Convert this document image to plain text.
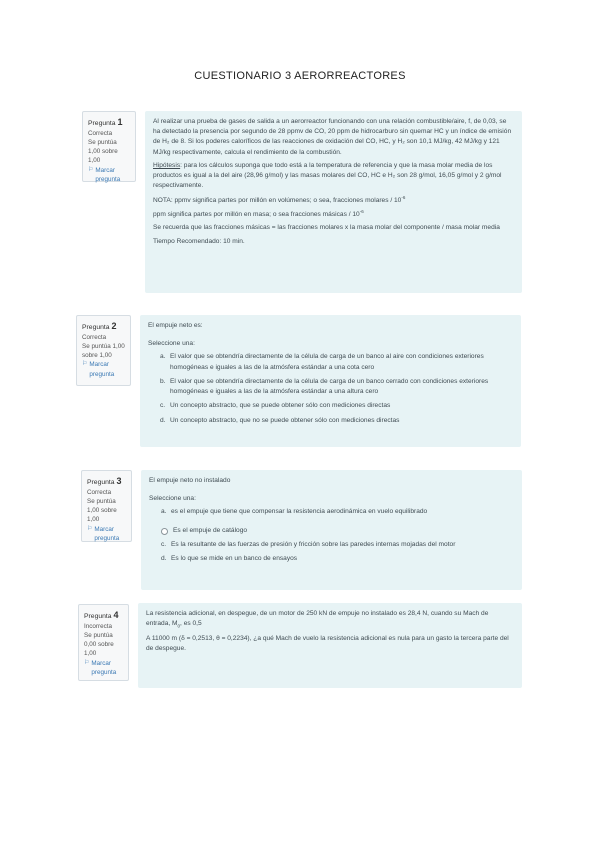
CUESTIONARIO 3 AERORREACTORES
Pregunta 1
Correcta
Se puntúa 1,00 sobre 1,00
⚐ Marcar pregunta

Al realizar una prueba de gases de salida a un aerorreactor funcionando con una relación combustible/aire, f, de 0,03, se ha detectado la presencia por segundo de 28 ppmv de CO, 20 ppm de hidrocarburo sin quemar HC y un índice de emisión de H₂ de 8. Si los poderes caloríficos de las reacciones de oxidación del CO, HC, y H₂ son 10,1 MJ/kg, 42 MJ/kg y 121 MJ/kg respectivamente, calcula el rendimiento de la combustión.

Hipótesis: para los cálculos suponga que todo está a la temperatura de referencia y que la masa molar media de los productos es igual a la del aire (28,96 g/mol) y las masas molares del CO, HC e H₂ son 28 g/mol, 16,05 g/mol y 2 g/mol respectivamente.

NOTA: ppmv significa partes por millón en volúmenes; o sea, fracciones molares / $10^{-6}$

ppm significa partes por millón en masa; o sea fracciones másicas / $10^{-6}$

Se recuerda que las fracciones másicas = las fracciones molares x la masa molar del componente / masa molar media

Tiempo Recomendado: 10 min.

Pregunta 2
Correcta
Se puntúa 1,00 sobre 1,00
⚐ Marcar pregunta

El empuje neto es:

Seleccione una:

a. El valor que se obtendría directamente de la célula de carga de un banco al aire con condiciones exteriores homogéneas e iguales a las de la atmósfera estándar a una cota cero
b. El valor que se obtendría directamente de la célula de carga de un banco cerrado con condiciones exteriores homogéneas e iguales a las de la atmósfera estándar a una altura cero
c. Un concepto abstracto, que se puede obtener sólo con mediciones directas
d. Un concepto abstracto, que no se puede obtener sólo con mediciones directas
Pregunta 3
Correcta
Se puntúa 1,00 sobre 1,00
⚐ Marcar pregunta

El empuje neto no instalado

Seleccione una:

a. es el empuje que tiene que compensar la resistencia aerodinámica en vuelo equilibrado
Es el empuje de catálogo
c. Es la resultante de las fuerzas de presión y fricción sobre las paredes internas mojadas del motor
d. Es lo que se mide en un banco de ensayos
Pregunta 4
Incorrecta
Se puntúa 0,00 sobre 1,00
⚐ Marcar pregunta

La resistencia adicional, en despegue, de un motor de 250 kN de empuje no instalado es 28,4 N, cuando su Mach de entrada, $M_0$, es 0,5

A 11000 m (δ = 0,2513, θ = 0,2234), ¿a qué Mach de vuelo la resistencia adicional es nula para un gasto la tercera parte del de despegue.
